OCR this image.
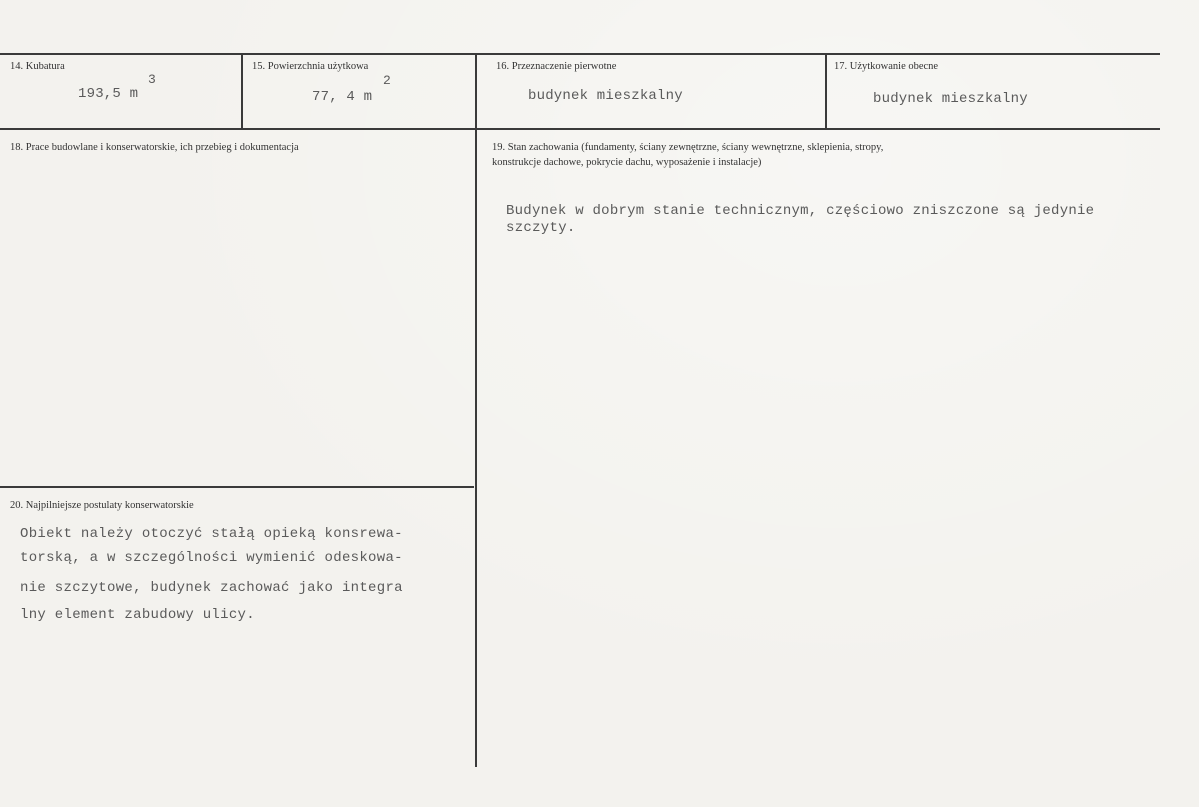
14. Kubatura
193,5 m
3
15. Powierzchnia użytkowa
77, 4 m
2
16. Przeznaczenie pierwotne
budynek mieszkalny
17. Użytkowanie obecne
budynek mieszkalny
18. Prace budowlane i konserwatorskie, ich przebieg i dokumentacja	19. Stan zachowania (fundamenty, ściany zewnętrzne, ściany wewnętrzne, sklepienia, stropy,
konstrukcje dachowe, pokrycie dachu, wyposażenie i instalacje)
Budynek w dobrym stanie technicznym, częściowo zniszczone są jedynie
szczyty.
20. Najpilniejsze postulaty konserwatorskie
Obiekt należy otoczyć stałą opieką konsrewa-
torską, a w szczególności wymienić odeskowa-
nie szczytowe, budynek zachować jako integra
lny element zabudowy ulicy.
